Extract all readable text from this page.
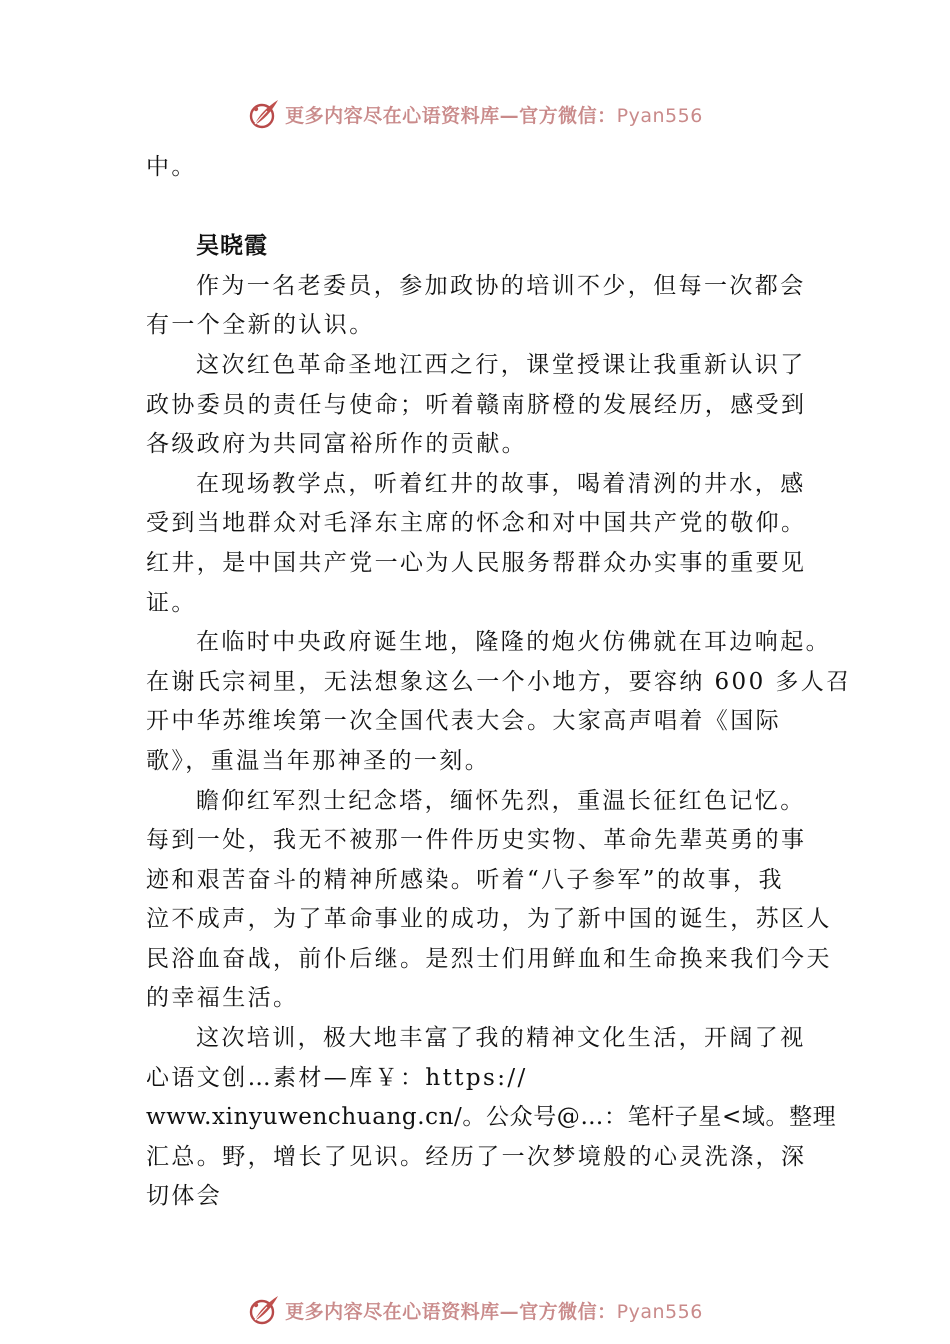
更多内容尽在心语资料库—官方微信：Pyan556
中。
吴晓霞
作为一名老委员，参加政协的培训不少，但每一次都会
有一个全新的认识。
这次红色革命圣地江西之行，课堂授课让我重新认识了
政协委员的责任与使命；听着赣南脐橙的发展经历，感受到
各级政府为共同富裕所作的贡献。
在现场教学点，听着红井的故事，喝着清洌的井水，感
受到当地群众对毛泽东主席的怀念和对中国共产党的敬仰。
红井，是中国共产党一心为人民服务帮群众办实事的重要见
证。
在临时中央政府诞生地，隆隆的炮火仿佛就在耳边响起。
在谢氏宗祠里，无法想象这么一个小地方，要容纳 600 多人召
开中华苏维埃第一次全国代表大会。大家高声唱着《国际
歌》，重温当年那神圣的一刻。
瞻仰红军烈士纪念塔，缅怀先烈，重温长征红色记忆。
每到一处，我无不被那一件件历史实物、革命先辈英勇的事
迹和艰苦奋斗的精神所感染。听着“八子参军”的故事，我
泣不成声，为了革命事业的成功，为了新中国的诞生，苏区人
民浴血奋战，前仆后继。是烈士们用鲜血和生命换来我们今天
的幸福生活。
这次培训，极大地丰富了我的精神文化生活，开阔了视
心语文创…素材—库￥：https://
www.xinyuwenchuang.cn/。公众号@…：笔杆子星<域。整理
汇总。野，增长了见识。经历了一次梦境般的心灵洗涤，深
切体会
更多内容尽在心语资料库—官方微信：Pyan556
